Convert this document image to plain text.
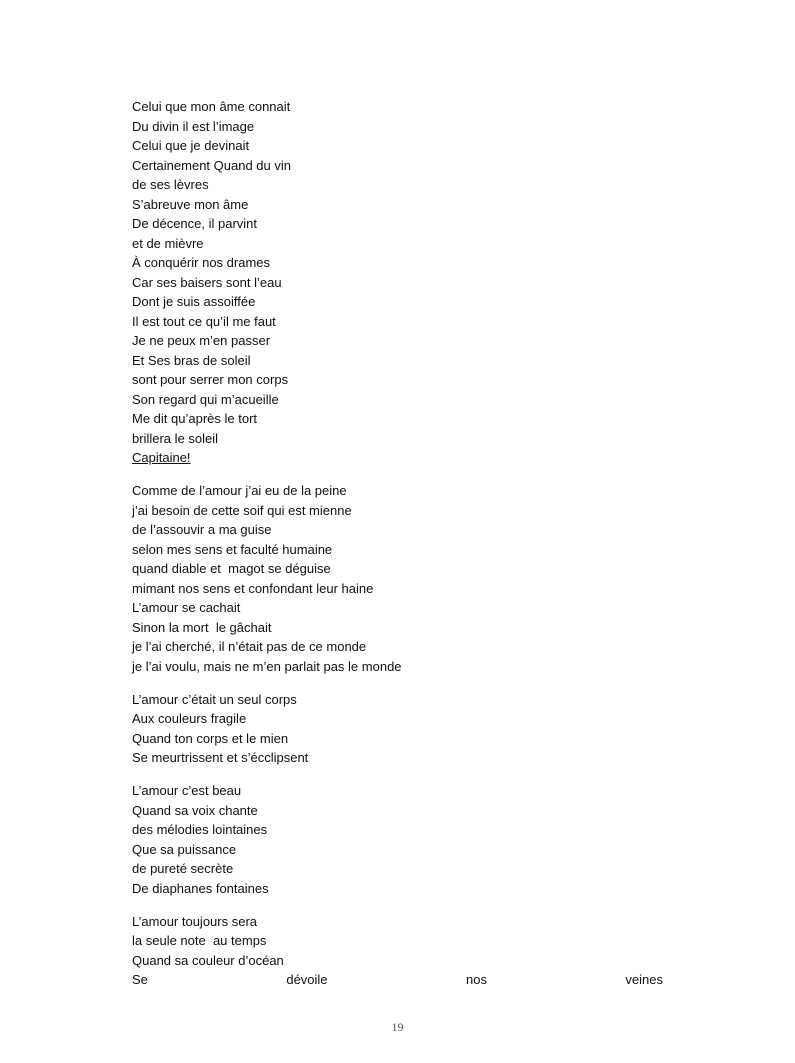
Celui que mon âme connait
Du divin il est l’image
Celui que je devinait
Certainement Quand du vin
de ses lèvres
S’abreuve mon âme
De décence, il parvint
et de mièvre
À conquérir nos drames
Car ses baisers sont l’eau
Dont je suis assoiffée
Il est tout ce qu’il me faut
Je ne peux m’en passer
Et Ses bras de soleil
sont pour serrer mon corps
Son regard qui m’acueille
Me dit qu’après le tort
brillera le soleil
Capitaine!
Comme de l’amour j’ai eu de la peine
j’ai besoin de cette soif qui est mienne
de l’assouvir a ma guise
selon mes sens et faculté humaine
quand diable et  magot se déguise
mimant nos sens et confondant leur haine
L’amour se cachait
Sinon la mort  le gâchait
je l’ai cherché, il n’était pas de ce monde
je l’ai voulu, mais ne m’en parlait pas le monde
L’amour c’était un seul corps
Aux couleurs fragile
Quand ton corps et le mien
Se meurtrissent et s’écclipsent
L’amour c’est beau
Quand sa voix chante
des mélodies lointaines
Que sa puissance
de pureté secrète
De diaphanes fontaines
L’amour toujours sera
la seule note  au temps
Quand sa couleur d’océan
Se	dévoile	nos	veines
19
